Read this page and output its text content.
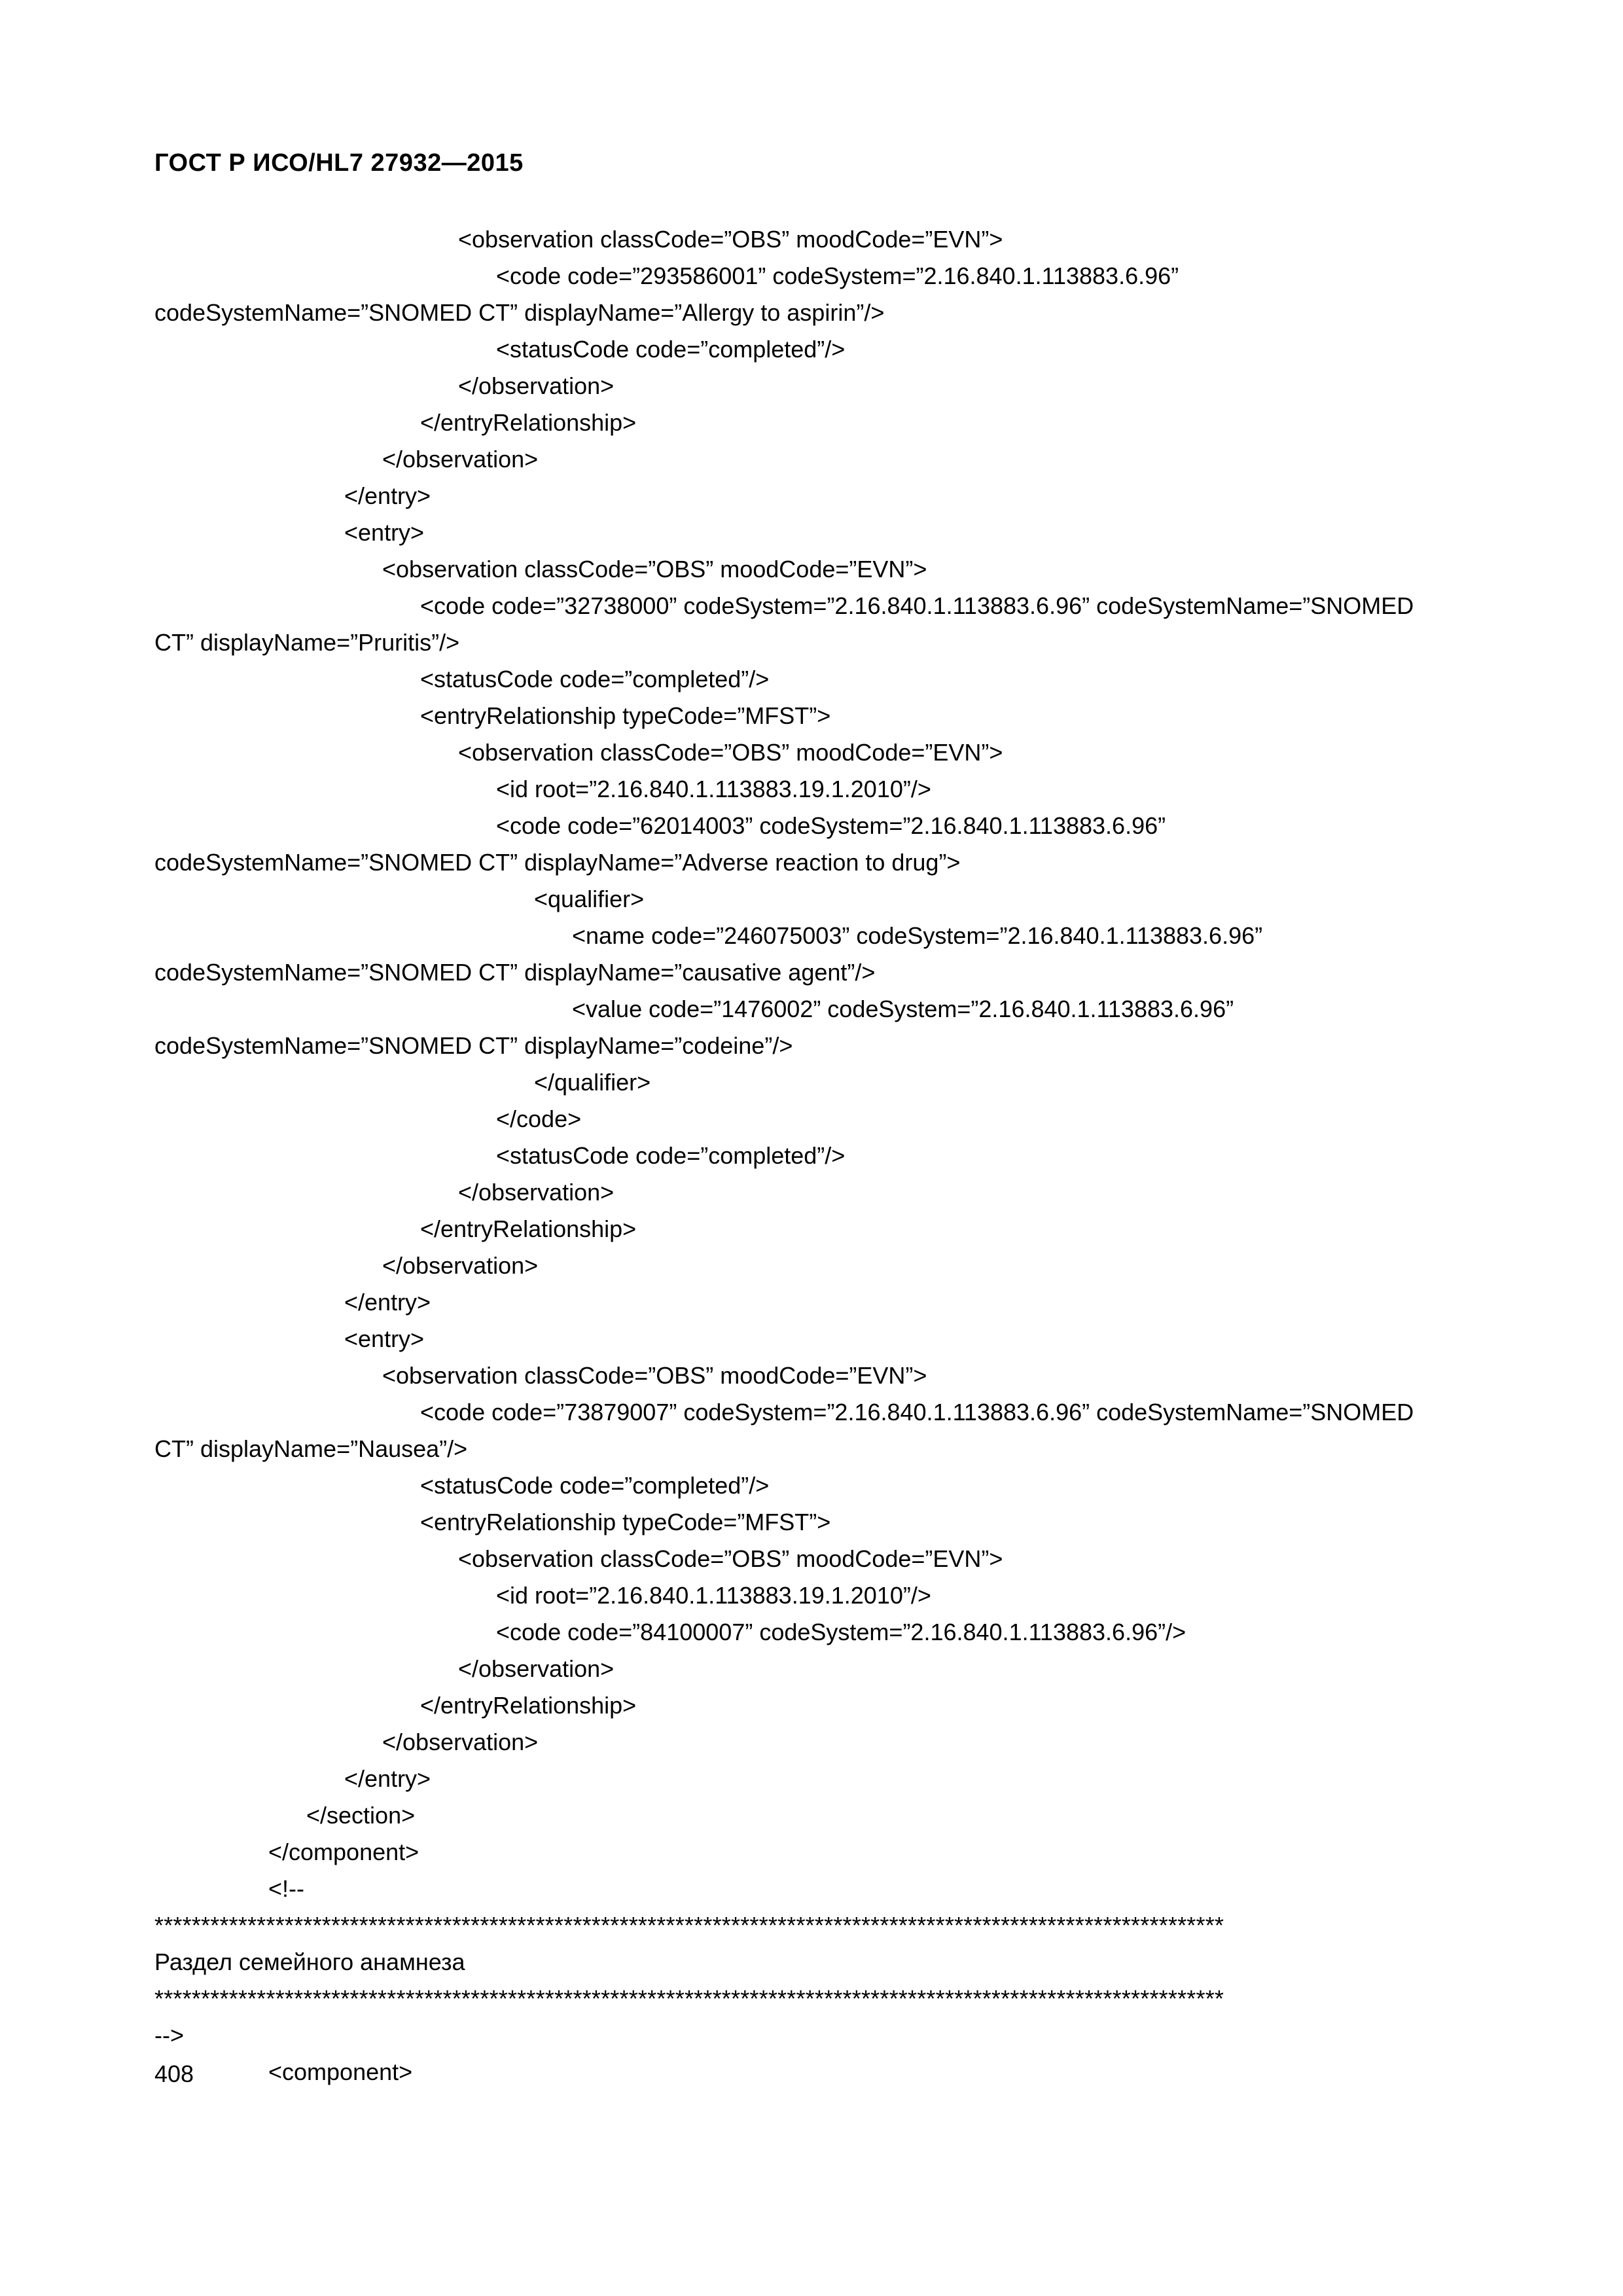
ГОСТ Р ИСО/HL7 27932—2015
<observation classCode=”OBS” moodCode=”EVN”>
<code code=”293586001” codeSystem=”2.16.840.1.113883.6.96”
codeSystemName=”SNOMED CT” displayName=”Allergy to aspirin”/>
<statusCode code=”completed”/>
</observation>
</entryRelationship>
</observation>
</entry>
<entry>
<observation classCode=”OBS” moodCode=”EVN”>
<code code=”32738000” codeSystem=”2.16.840.1.113883.6.96” codeSystemName=”SNOMED
CT” displayName=”Pruritis”/>
<statusCode code=”completed”/>
<entryRelationship typeCode=”MFST”>
<observation classCode=”OBS” moodCode=”EVN”>
<id root=”2.16.840.1.113883.19.1.2010”/>
<code code=”62014003” codeSystem=”2.16.840.1.113883.6.96”
codeSystemName=”SNOMED CT” displayName=”Adverse reaction to drug”>
<qualifier>
<name code=”246075003” codeSystem=”2.16.840.1.113883.6.96”
codeSystemName=”SNOMED CT” displayName=”causative agent”/>
<value code=”1476002” codeSystem=”2.16.840.1.113883.6.96”
codeSystemName=”SNOMED CT” displayName=”codeine”/>
</qualifier>
</code>
<statusCode code=”completed”/>
</observation>
</entryRelationship>
</observation>
</entry>
<entry>
<observation classCode=”OBS” moodCode=”EVN”>
<code code=”73879007” codeSystem=”2.16.840.1.113883.6.96” codeSystemName=”SNOMED
CT” displayName=”Nausea”/>
<statusCode code=”completed”/>
<entryRelationship typeCode=”MFST”>
<observation classCode=”OBS” moodCode=”EVN”>
<id root=”2.16.840.1.113883.19.1.2010”/>
<code code=”84100007” codeSystem=”2.16.840.1.113883.6.96”/>
</observation>
</entryRelationship>
</observation>
</entry>
</section>
</component>
<!--
*******************************************************************************************************************
Раздел семейного анамнеза
*******************************************************************************************************************
-->
<component>
408
